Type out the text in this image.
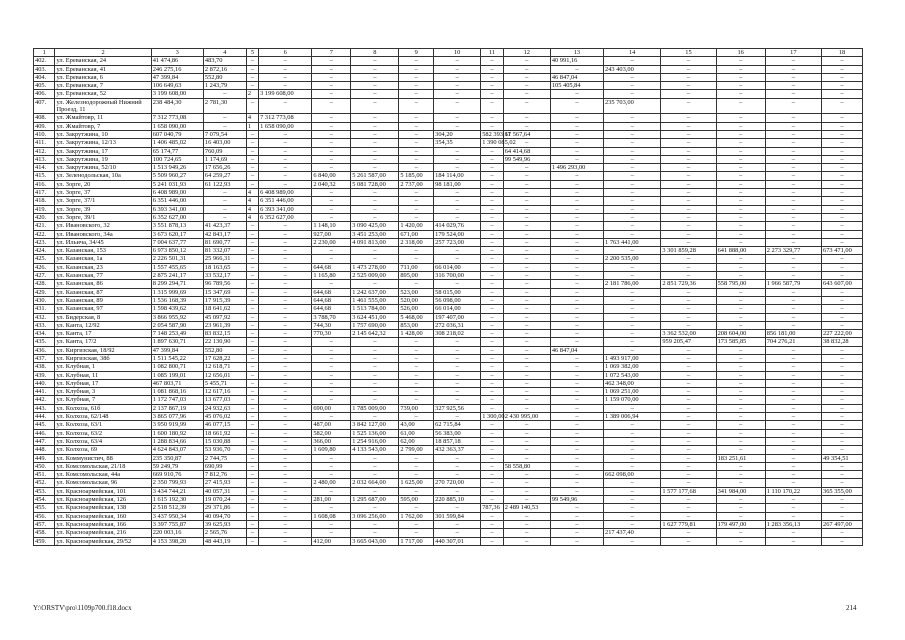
1	2	3	4	5	6	7	8	9	10	11	12	13	14	15	16	17	18
402.	ул. Ереванская, 24	41 474,86	483,70	–	–	–	–	–	–	–	–	40 991,16	–	–	–	–	–
403.	ул. Ереванская, 41	246 275,16	2 872,16	–	–	–	–	–	–	–	–	–	243 403,00	–	–	–	–
404.	ул. Ереванская, 6	47 399,84	552,80	–	–	–	–	–	–	–	–	46 847,04	–	–	–	–	–
405.	ул. Ереванская, 7	106 649,63	1 243,79	–	–	–	–	–	–	–	–	105 405,84	–	–	–	–	–
406.	ул. Ереванская, 52	3 199 608,00	–	2	3 199 608,00	–	–	–	–	–	–	–	–	–	–	–	–
407.	ул. Железнодорожный Нижний Проезд, 11	238 484,30	2 781,30	–	–	–	–	–	–	–	–	–	235 703,00	–	–	–	–
408.	ул. Жмайтовр, 11	7 312 773,08	–	4	7 312 773,08	–	–	–	–	–	–	–	–	–	–	–	–
409.	ул. Жмайтовр, 7	1 658 090,00	–	1	1 658 090,00	–	–	–	–	–	–	–	–	–	–	–	–
410.	ул. Закрутжина, 10	607 040,79	7 079,54	–	–	–	–	–	304,20	582 393,61	17 567,64	–	–	–	–	–	–
411.	ул. Закрутжина, 12/13	1 406 485,02	16 403,00	–	–	–	–	–	354,35	1 390 085,02	–	–	–	–	–	–	–
412.	ул. Закрутжина, 17	65 174,77	760,09	–	–	–	–	–	–	–	64 414,68	–	–	–	–	–	–
413.	ул. Закрутжина, 19	100 724,65	1 174,69	–	–	–	–	–	–	–	99 549,96	–	–	–	–	–	–
414.	ул. Закрутжина, 52/10	1 513 949,26	17 656,26	–	–	–	–	–	–	–	–	1 496 293,00	–	–	–	–	–
415.	ул. Зеленодольская, 10а	5 509 960,27	64 259,27	–	–	6 840,00	5 261 587,00	5 185,00	184 114,00	–	–	–	–	–	–	–	–
416.	ул. Зорге, 20	5 241 031,93	61 122,93	–	–	2 040,32	5 081 728,00	2 737,00	98 181,00	–	–	–	–	–	–	–	–
417.	ул. Зорге, 37	6 408 989,00	–	4	6 408 989,00	–	–	–	–	–	–	–	–	–	–	–	–
418.	ул. Зорге, 37/1	6 351 446,00	–	4	6 351 446,00	–	–	–	–	–	–	–	–	–	–	–	–
419.	ул. Зорге, 39	6 393 341,00	–	4	6 393 341,00	–	–	–	–	–	–	–	–	–	–	–	–
420.	ул. Зорге, 39/1	6 352 627,00	–	4	6 352 627,00	–	–	–	–	–	–	–	–	–	–	–	–
421.	ул. Ивановского, 32	3 551 878,13	41 423,37	–	–	1 148,10	3 090 425,00	1 420,00	414 029,76	–	–	–	–	–	–	–	–
422.	ул. Ивановского, 34а	3 673 620,17	42 843,17	–	–	927,00	3 451 253,00	671,00	179 524,00	–	–	–	–	–	–	–	–
423.	ул. Ильича, 34/45	7 004 637,77	81 690,77	–	–	2 230,00	4 091 813,00	2 318,00	257 723,00	–	–	–	1 763 441,00	–	–	–	–
424.	ул. Казанская, 153	6 973 850,12	81 332,07	–	–	–	–	–	–	–	–	–	–	3 301 859,28	641 888,00	2 273 329,77	673 471,00
425.	ул. Казанская, 1а	2 226 501,31	25 966,31	–	–	–	–	–	–	–	–	–	2 200 535,00	–	–	–	–
426.	ул. Казанская, 23	1 557 455,65	18 163,65	–	–	644,68	1 473 278,00	711,00	66 014,00	–	–	–	–	–	–	–	–
427.	ул. Казанская, 77	2 875 241,17	33 532,17	–	–	1 165,80	2 525 009,00	895,00	316 700,00	–	–	–	–	–	–	–	–
428.	ул. Казанская, 86	8 299 294,71	96 789,56	–	–	–	–	–	–	–	–	–	2 181 786,00	2 851 729,36	558 795,00	1 966 587,79	643 607,00
429.	ул. Казанская, 87	1 315 999,69	15 347,69	–	–	644,68	1 242 637,00	523,00	58 015,00	–	–	–	–	–	–	–	–
430.	ул. Казанская, 89	1 536 168,39	17 915,39	–	–	644,68	1 461 555,00	520,00	56 098,00	–	–	–	–	–	–	–	–
431.	ул. Казанская, 97	1 598 439,62	18 641,62	–	–	644,68	1 513 784,00	526,00	66 014,00	–	–	–	–	–	–	–	–
432.	ул. Бидерская, 8	3 866 955,92	45 097,92	–	–	3 788,70	3 624 451,00	5 468,00	197 407,00	–	–	–	–	–	–	–	–
433.	ул. Канта, 12/92	2 054 587,90	23 961,39	–	–	744,30	1 757 690,00	853,00	272 036,31	–	–	–	–	–	–	–	–
434.	ул. Канта, 17	7 148 253,49	83 832,15	–	–	770,30	2 145 642,32	1 428,00	308 218,02	–	–	–	–	3 362 532,00	208 604,00	856 181,00	227 222,00
435.	ул. Канта, 17/2	1 897 630,71	22 130,90	–	–	–	–	–	–	–	–	–	–	959 205,47	173 585,85	704 276,21	38 832,28
436.	ул. Киргизская, 18/92	47 399,84	552,80	–	–	–	–	–	–	–	–	46 847,04	–	–	–	–	–
437.	ул. Киргизская, 38б	1 511 545,22	17 628,22	–	–	–	–	–	–	–	–	–	1 493 917,00	–	–	–	–
438.	ул. Клубная, 1	1 082 800,71	12 618,71	–	–	–	–	–	–	–	–	–	1 069 382,00	–	–	–	–
439.	ул. Клубная, 11	1 085 199,01	12 656,01	–	–	–	–	–	–	–	–	–	1 072 543,00	–	–	–	–
440.	ул. Клубная, 17	467 803,71	5 455,71	–	–	–	–	–	–	–	–	–	462 348,00	–	–	–	–
441.	ул. Клубная, 3	1 081 868,16	12 617,16	–	–	–	–	–	–	–	–	–	1 069 251,00	–	–	–	–
442.	ул. Клубная, 7	1 172 747,03	13 677,03	–	–	–	–	–	–	–	–	–	1 159 070,00	–	–	–	–
443.	ул. Колхоза, 61б	2 137 867,19	24 932,63	–	–	690,00	1 785 009,00	739,00	327 925,56	–	–	–	–	–	–	–	–
444.	ул. Колхоза, 62/148	3 865 077,96	45 076,02	–	–	–	–	–	–	1 300,00	2 430 995,00	–	1 389 006,94	–	–	–	–
445.	ул. Колхоза, 63/1	3 950 919,99	46 077,15	–	–	487,00	3 842 127,00	43,00	62 715,84	–	–	–	–	–	–	–	–
446.	ул. Колхоза, 63/2	1 600 180,92	18 661,92	–	–	582,00	1 525 136,00	61,00	56 383,00	–	–	–	–	–	–	–	–
447.	ул. Колхоза, 63/4	1 288 834,66	15 030,88	–	–	366,00	1 254 916,00	62,00	18 857,18	–	–	–	–	–	–	–	–
448.	ул. Колхоза, 69	4 624 843,07	53 936,70	–	–	1 609,80	4 133 543,00	2 799,00	432 363,37	–	–	–	–	–	–	–	–
449.	ул. Коммунистич, 88	235 350,87	2 744,75	–	–	–	–	–	–	–	–	–	–	–	183 251,61	–	49 354,51
450.	ул. Комсомольская, 21/18	59 249,79	690,99	–	–	–	–	–	–	–	58 558,80	–	–	–	–	–	–
451.	ул. Комсомольская, 44а	669 910,76	7 812,76	–	–	–	–	–	–	–	–	–	662 098,00	–	–	–	–
452.	ул. Комсомольская, 96	2 350 799,93	27 415,93	–	–	2 480,00	2 032 664,00	1 625,00	270 720,00	–	–	–	–	–	–	–	–
453.	ул. Красноармейская, 101	3 434 744,21	40 057,31	–	–	–	–	–	–	–	–	–	–	1 577 177,68	341 984,00	1 110 170,22	365 355,00
454.	ул. Красноармейская, 126	1 615 192,30	19 070,24	–	–	281,00	1 295 687,00	595,00	220 885,10	–	–	99 549,96	–	–	–	–	–
455.	ул. Красноармейская, 138	2 518 512,39	29 371,86	–	–	–	–	–	–	787,36	2 489 140,53	–	–	–	–	–	–
456.	ул. Красноармейская, 160	3 437 950,34	40 094,70	–	–	1 608,08	3 096 256,00	1 762,00	301 599,84	–	–	–	–	–	–	–	–
457.	ул. Красноармейская, 166	3 397 755,87	39 625,93	–	–	–	–	–	–	–	–	–	–	1 627 779,81	179 497,00	1 283 356,13	267 497,00
458.	ул. Красноармейская, 216	220 003,16	2 565,76	–	–	–	–	–	–	–	–	–	217 437,40	–	–	–	–
459.	ул. Красноармейская, 29/52	4 153 398,20	48 443,19	–	–	412,00	3 665 043,00	1 717,00	440 307,01	–	–	–	–	–	–	–	–
Y:\ORSTV\pro\1109p700.f18.docx	214
